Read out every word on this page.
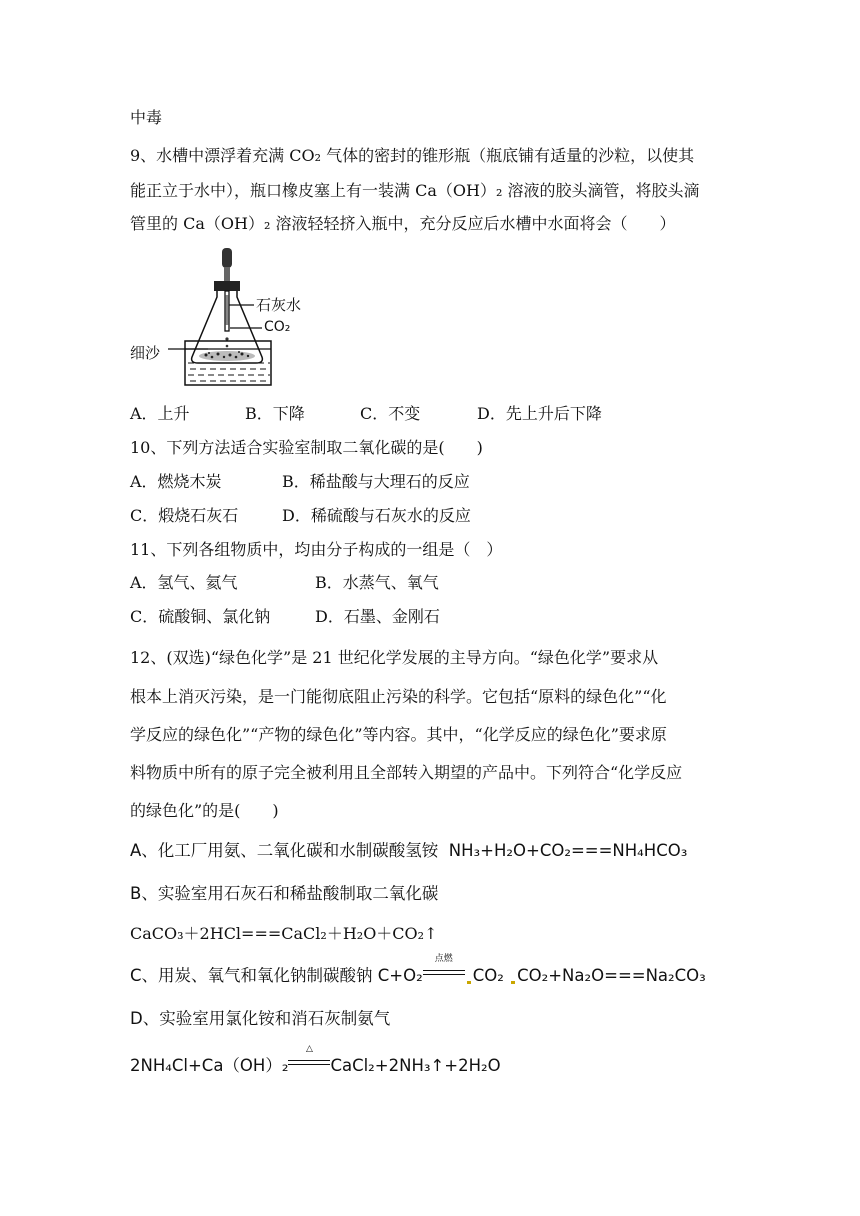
中毒
9、水槽中漂浮着充满 CO₂ 气体的密封的锥形瓶（瓶底铺有适量的沙粒，以使其
能正立于水中），瓶口橡皮塞上有一装满 Ca（OH）₂ 溶液的胶头滴管，将胶头滴
管里的 Ca（OH）₂ 溶液轻轻挤入瓶中，充分反应后水槽中水面将会（　　）
石灰水
CO₂
细沙
A．上升	B．下降	C．不变	D．先上升后下降
10、下列方法适合实验室制取二氧化碳的是(　　)
A．燃烧木炭	B．稀盐酸与大理石的反应
C．煅烧石灰石	D．稀硫酸与石灰水的反应
11、下列各组物质中，均由分子构成的一组是（　）
A．氢气、氦气	B．水蒸气、氧气
C．硫酸铜、氯化钠	D．石墨、金刚石
12、(双选)“绿色化学”是 21 世纪化学发展的主导方向。“绿色化学”要求从
根本上消灭污染，是一门能彻底阻止污染的科学。它包括“原料的绿色化”“化
学反应的绿色化”“产物的绿色化”等内容。其中，“化学反应的绿色化”要求原
料物质中所有的原子完全被利用且全部转入期望的产品中。下列符合“化学反应
的绿色化”的是(　　)
A、化工厂用氨、二氧化碳和水制碳酸氢铵 NH₃+H₂O+CO₂===NH₄HCO₃
B、实验室用石灰石和稀盐酸制取二氧化碳
CaCO₃＋2HCl===CaCl₂＋H₂O＋CO₂↑
C、用炭、氧气和氧化钠制碳酸钠 C+O₂
点燃
CO₂ CO₂+Na₂O===Na₂CO₃
D、实验室用氯化铵和消石灰制氨气
2NH₄Cl+Ca（OH）₂
△
CaCl₂+2NH₃↑+2H₂O
